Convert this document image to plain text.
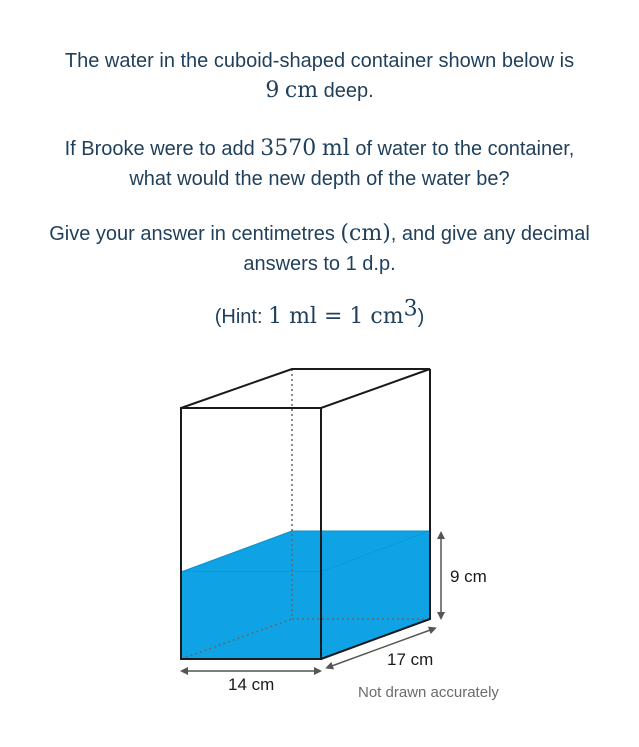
The water in the cuboid-shaped container shown below is
9 cm deep.
If Brooke were to add 3570 ml of water to the container,
what would the new depth of the water be?
Give your answer in centimetres (cm), and give any decimal
answers to 1 d.p.
(Hint: 1 ml = 1 $cm^3$)
9 cm
17 cm
14 cm	Not drawn accurately
